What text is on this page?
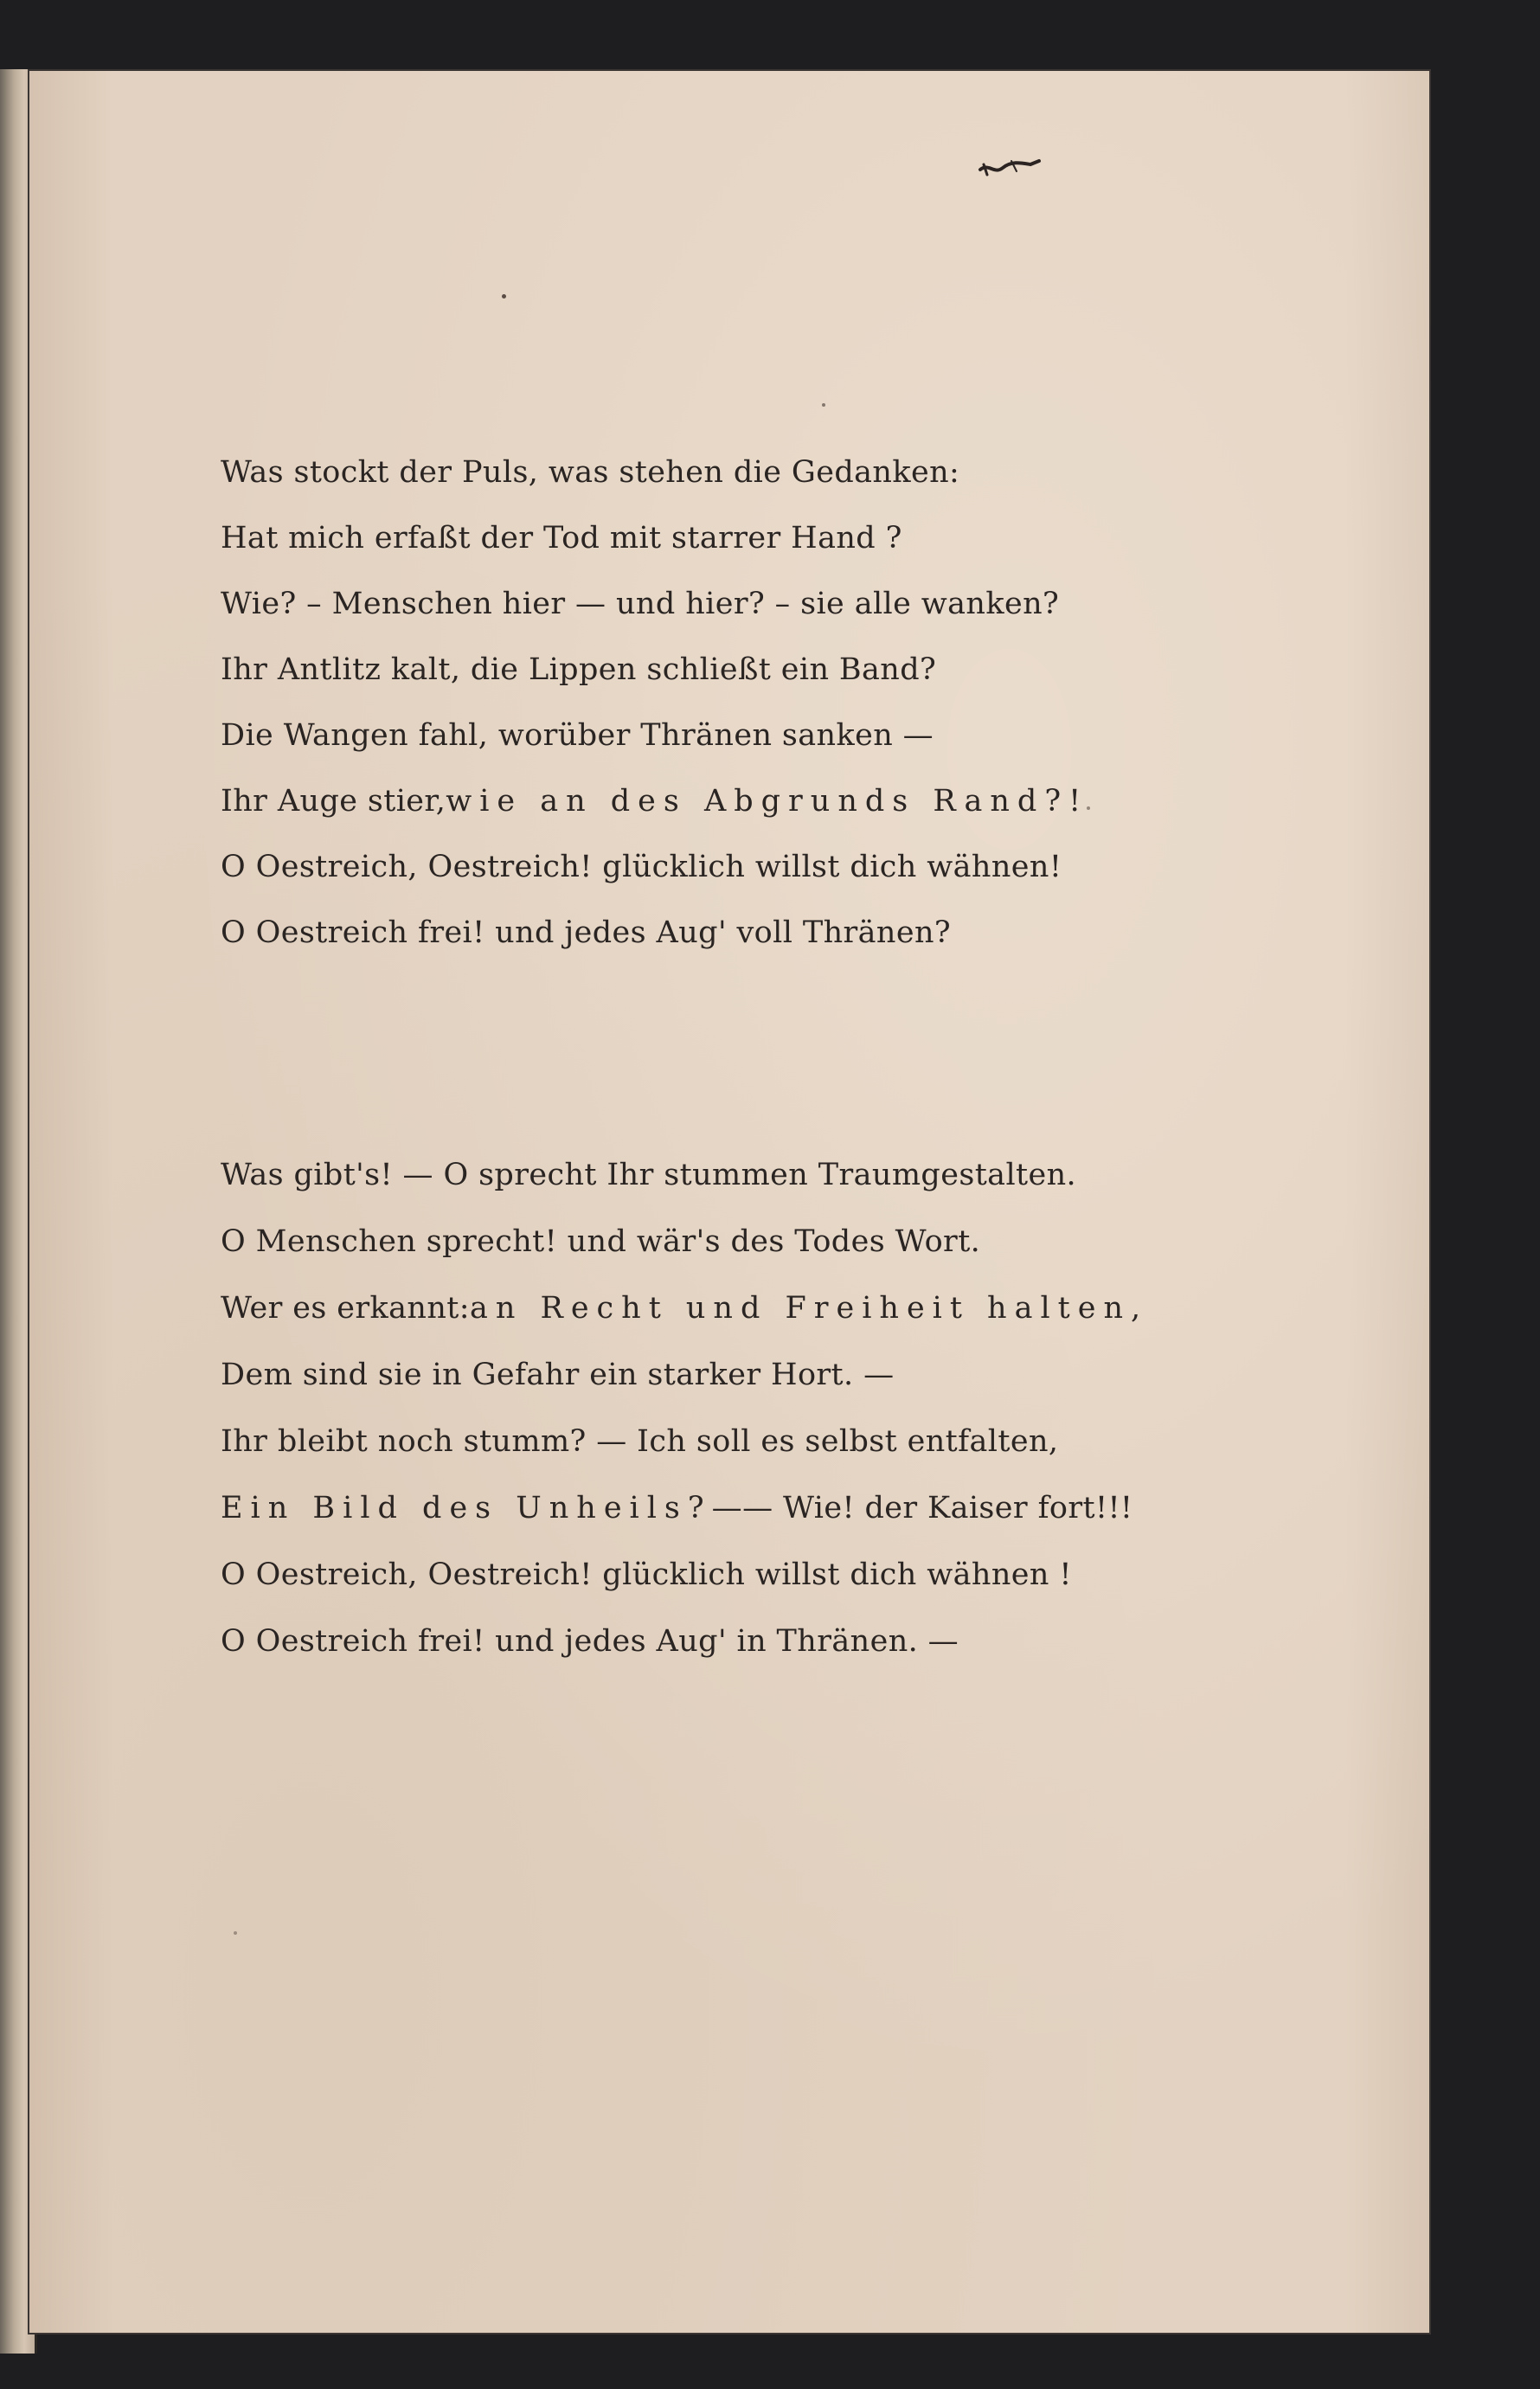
Was stockt der Puls, was stehen die Gedanken:
Hat mich erfaßt der Tod mit starrer Hand ?
Wie? – Menschen hier — und hier? – sie alle wanken?
Ihr Antlitz kalt, die Lippen schließt ein Band?
Die Wangen fahl, worüber Thränen sanken —
Ihr Auge stier, wie an des Abgrunds Rand?!
O Oestreich, Oestreich! glücklich willst dich wähnen!
O Oestreich frei! und jedes Aug' voll Thränen?
Was gibt's! — O sprecht Ihr stummen Traumgestalten.
O Menschen sprecht! und wär's des Todes Wort.
Wer es erkannt: an Recht und Freiheit halten,
Dem sind sie in Gefahr ein starker Hort. —
Ihr bleibt noch stumm? — Ich soll es selbst entfalten,
Ein Bild des Unheils? —— Wie! der Kaiser fort!!!
O Oestreich, Oestreich! glücklich willst dich wähnen !
O Oestreich frei! und jedes Aug' in Thränen. —
